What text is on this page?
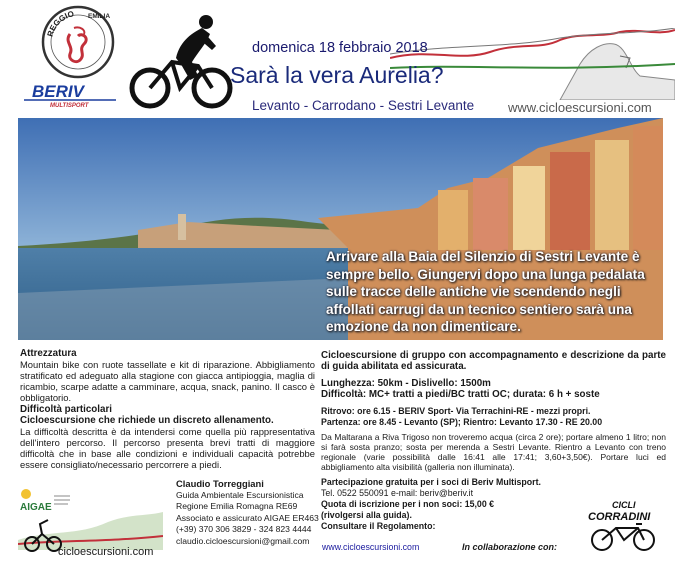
REGGIO EMILIA
BERIV
MULTISPORT
domenica 18 febbraio 2018
Sarà la vera Aurelia?
Levanto - Carrodano - Sestri Levante	www.cicloescursioni.com
Arrivare alla Baia del Silenzio di Sestri Levante è sempre bello. Giungervi dopo una lunga pedalata sulle tracce delle antiche vie scendendo negli affollati carrugi da un tecnico sentiero sarà una emozione da non dimenticare.
Attrezzatura
Mountain bike con ruote tassellate e kit di riparazione. Abbigliamento stratificato ed adeguato alla stagione con giacca antipioggia, maglia di ricambio, scarpe adatte a camminare, acqua, snack, panino. Il casco è obbligatorio.
Difficoltà particolari
Cicloescursione che richiede un discreto allenamento.
La difficoltà descritta è da intendersi come quella più rappresentativa dell'intero percorso. Il percorso presenta brevi tratti di maggiore difficoltà che in base alle condizioni e individuali capacità potrebbe essere consigliato/necessario percorrere a piedi.
Cicloescursione di gruppo con accompagnamento e descrizione da parte di guida abilitata ed assicurata.
Lunghezza: 50km - Dislivello: 1500m
Difficoltà: MC+ tratti a piedi/BC tratti OC; durata: 6 h + soste
Ritrovo: ore 6.15 - BERIV Sport- Via Terrachini-RE - mezzi propri.
Partenza: ore 8.45 - Levanto (SP); Rientro: Levanto 17.30 - RE 20.00
Da Maltarana a Riva Trigoso non troveremo acqua (circa 2 ore); portare almeno 1 litro; non si farà sosta pranzo; sosta per merenda a Sestri Levante. Rientro a Levanto con treno regionale (varie possibilità dalle 16:41 alle 17:41; 3,60+3,50€). Portare luci ed abbigliamento alta visibilità (galleria non illuminata).
Partecipazione gratuita per i soci di Beriv Multisport.
Tel. 0522 550091 e-mail: beriv@beriv.it
Quota di iscrizione per i non soci: 15,00 €
(rivolgersi alla guida).
Consultare il Regolamento:
www.cicloescursioni.com	In collaborazione con:
AIGAE
cicloescursioni.com
Claudio Torreggiani
Guida Ambientale Escursionistica
Regione Emilia Romagna RE69
Associato e assicurato AIGAE ER463
(+39) 370 306 3829 - 324 823 4444
claudio.cicloescursioni@gmail.com
CICLI
CORRADINI
